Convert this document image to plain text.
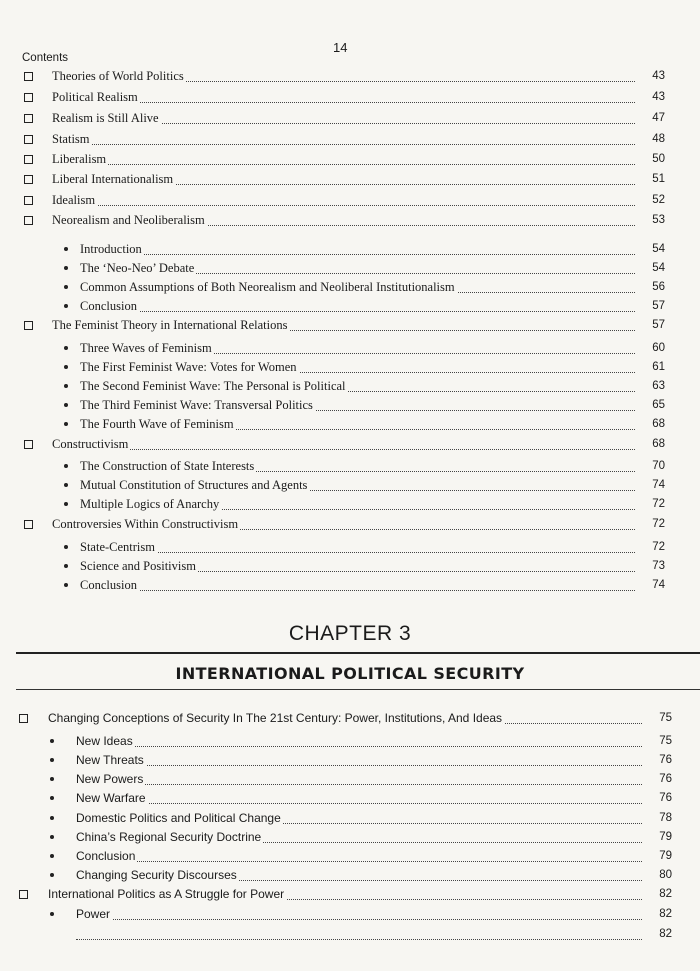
Contents
14
Theories of World Politics	43
Political Realism	43
Realism is Still Alive	47
Statism	48
Liberalism	50
Liberal Internationalism	51
Idealism	52
Neorealism and Neoliberalism	53
Introduction	54
The ‘Neo-Neo’ Debate	54
Common Assumptions of Both Neorealism and Neoliberal Institutionalism	56
Conclusion	57
The Feminist Theory in International Relations	57
Three Waves of Feminism	60
The First Feminist Wave: Votes for Women	61
The Second Feminist Wave: The Personal is Political	63
The Third Feminist Wave: Transversal Politics	65
The Fourth Wave of Feminism	68
Constructivism	68
The Construction of State Interests	70
Mutual Constitution of Structures and Agents	74
Multiple Logics of Anarchy	72
Controversies Within Constructivism	72
State-Centrism	72
Science and Positivism	73
Conclusion	74
CHAPTER 3
INTERNATIONAL POLITICAL SECURITY
Changing Conceptions of Security In The 21st Century: Power, Institutions, And Ideas	75
New Ideas	75
New Threats	76
New Powers	76
New Warfare	76
Domestic Politics and Political Change	78
China’s Regional Security Doctrine	79
Conclusion	79
Changing Security Discourses	80
International Politics as A Struggle for Power	82
Power	82
82
